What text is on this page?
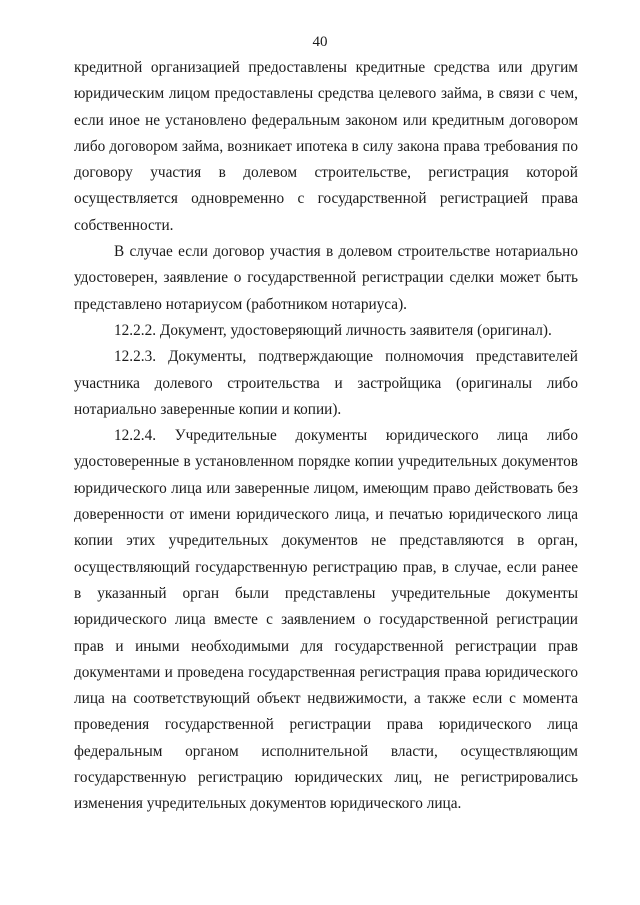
40

кредитной организацией предоставлены кредитные средства или другим юридическим лицом предоставлены средства целевого займа, в связи с чем, если иное не установлено федеральным законом или кредитным договором либо договором займа, возникает ипотека в силу закона права требования по договору участия в долевом строительстве, регистрация которой осуществляется одновременно с государственной регистрацией права собственности.

В случае если договор участия в долевом строительстве нотариально удостоверен, заявление о государственной регистрации сделки может быть представлено нотариусом (работником нотариуса).

12.2.2. Документ, удостоверяющий личность заявителя (оригинал).

12.2.3. Документы, подтверждающие полномочия представителей участника долевого строительства и застройщика (оригиналы либо нотариально заверенные копии и копии).

12.2.4. Учредительные документы юридического лица либо удостоверенные в установленном порядке копии учредительных документов юридического лица или заверенные лицом, имеющим право действовать без доверенности от имени юридического лица, и печатью юридического лица копии этих учредительных документов не представляются в орган, осуществляющий государственную регистрацию прав, в случае, если ранее в указанный орган были представлены учредительные документы юридического лица вместе с заявлением о государственной регистрации прав и иными необходимыми для государственной регистрации прав документами и проведена государственная регистрация права юридического лица на соответствующий объект недвижимости, а также если с момента проведения государственной регистрации права юридического лица федеральным органом исполнительной власти, осуществляющим государственную регистрацию юридических лиц, не регистрировались изменения учредительных документов юридического лица.
